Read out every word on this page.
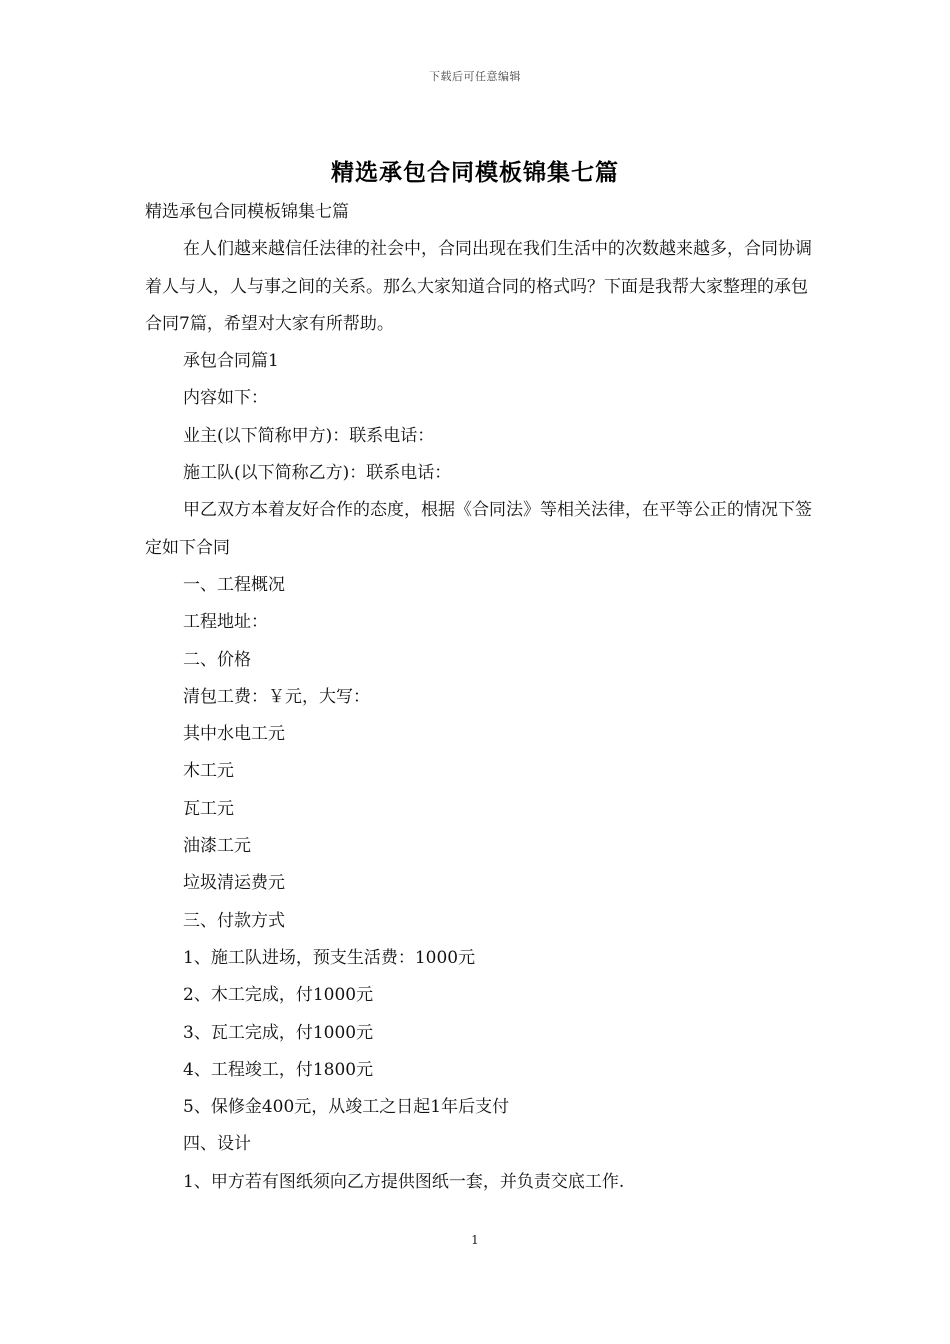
下载后可任意编辑
精选承包合同模板锦集七篇

精选承包合同模板锦集七篇

在人们越来越信任法律的社会中，合同出现在我们生活中的次数越来越多，合同协调着人与人，人与事之间的关系。那么大家知道合同的格式吗？下面是我帮大家整理的承包合同7篇，希望对大家有所帮助。

承包合同篇1

内容如下：

业主(以下简称甲方)：联系电话：

施工队(以下简称乙方)：联系电话：

甲乙双方本着友好合作的态度，根据《合同法》等相关法律，在平等公正的情况下签定如下合同

一、工程概况

工程地址：

二、价格

清包工费：￥元，大写：

其中水电工元

木工元

瓦工元

油漆工元

垃圾清运费元

三、付款方式

1、施工队进场，预支生活费：1000元

2、木工完成，付1000元

3、瓦工完成，付1000元

4、工程竣工，付1800元

5、保修金400元，从竣工之日起1年后支付

四、设计

1、甲方若有图纸须向乙方提供图纸一套，并负责交底工作.

1
